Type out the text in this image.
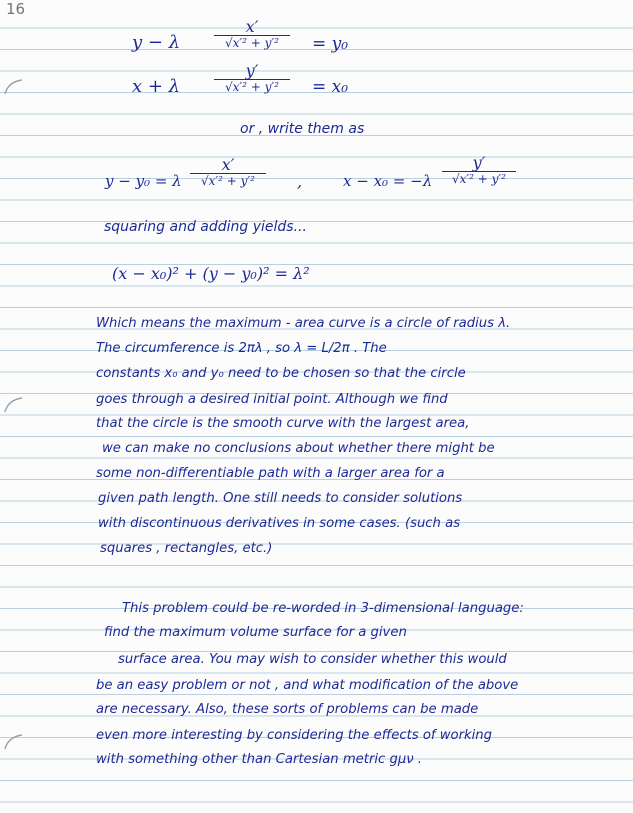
16
y − λ
x′
√x′² + y′²	= y₀
x + λ
y′
√x′² + y′²	= x₀
or , write them as
y − y₀ = λ
x′
√x′² + y′²	,	x − x₀ = −λ
y′
√x′² + y′²
squaring and adding yields...
(x − x₀)² + (y − y₀)² = λ²
Which means the maximum - area curve is a circle of radius λ.
The circumference is 2πλ , so λ = L/2π . The
constants x₀ and y₀ need to be chosen so that the circle
goes through a desired initial point. Although we find
that the circle is the smooth curve with the largest area,
we can make no conclusions about whether there might be
some non-differentiable path with a larger area for a
given path length. One still needs to consider solutions
with discontinuous derivatives in some cases. (such as
squares , rectangles, etc.)
This problem could be re-worded in 3-dimensional language:
find the maximum volume surface for a given
surface area. You may wish to consider whether this would
be an easy problem or not , and what modification of the above
are necessary. Also, these sorts of problems can be made
even more interesting by considering the effects of working
with something other than Cartesian metric gμν .
